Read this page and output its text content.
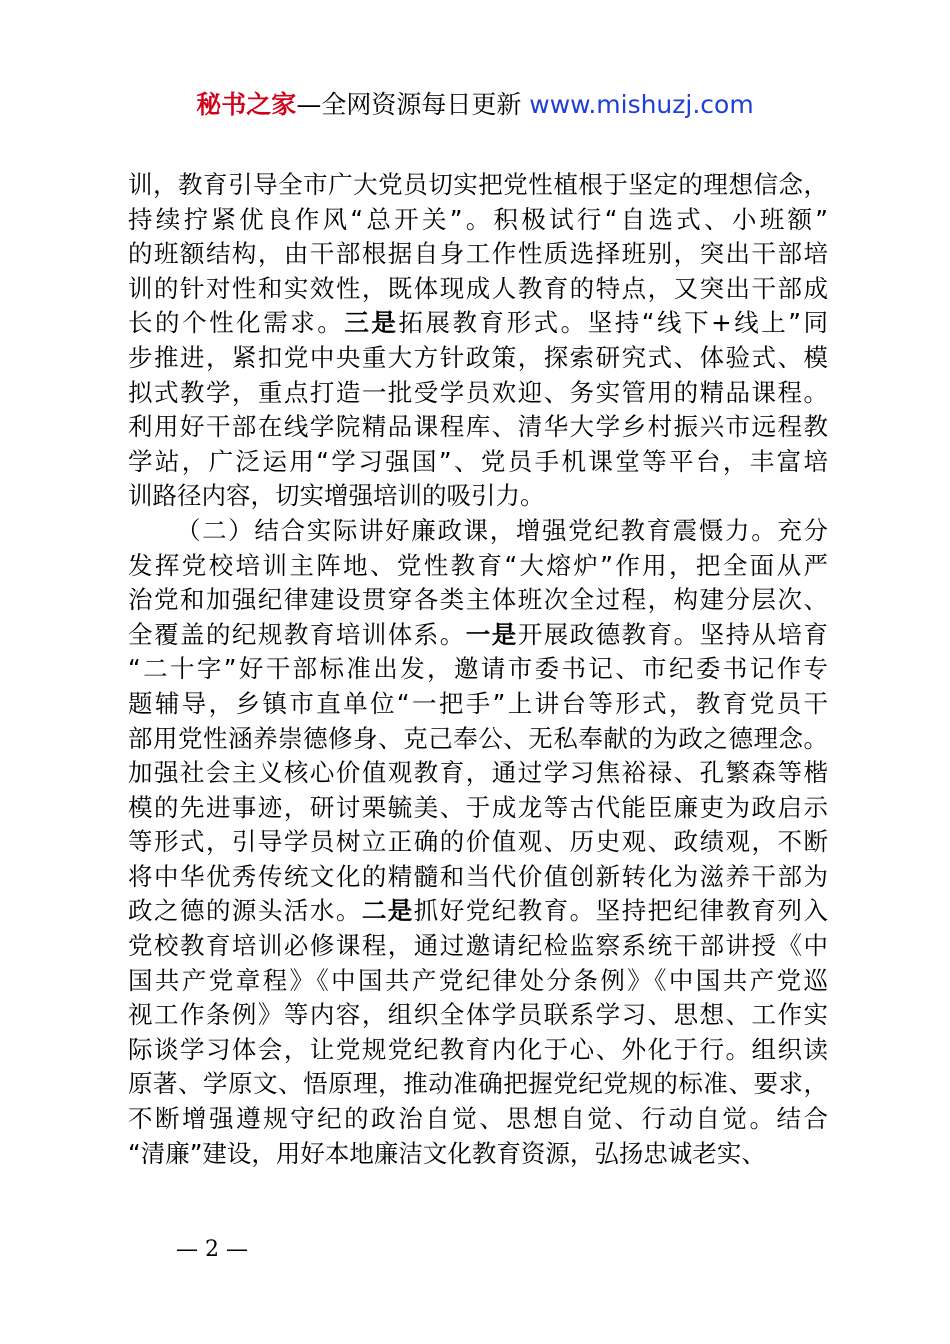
秘书之家—全网资源每日更新 www.mishuzj.com
训，教育引导全市广大党员切实把党性植根于坚定的理想信念，
持续拧紧优良作风“总开关”。积极试行“自选式、小班额”
的班额结构，由干部根据自身工作性质选择班别，突出干部培
训的针对性和实效性，既体现成人教育的特点，又突出干部成
长的个性化需求。三是拓展教育形式。坚持“线下+线上”同
步推进，紧扣党中央重大方针政策，探索研究式、体验式、模
拟式教学，重点打造一批受学员欢迎、务实管用的精品课程。
利用好干部在线学院精品课程库、清华大学乡村振兴市远程教
学站，广泛运用“学习强国”、党员手机课堂等平台，丰富培
训路径内容，切实增强培训的吸引力。
（二）结合实际讲好廉政课，增强党纪教育震慑力。充分
发挥党校培训主阵地、党性教育“大熔炉”作用，把全面从严
治党和加强纪律建设贯穿各类主体班次全过程，构建分层次、
全覆盖的纪规教育培训体系。一是开展政德教育。坚持从培育
“二十字”好干部标准出发，邀请市委书记、市纪委书记作专
题辅导，乡镇市直单位“一把手”上讲台等形式，教育党员干
部用党性涵养崇德修身、克己奉公、无私奉献的为政之德理念。
加强社会主义核心价值观教育，通过学习焦裕禄、孔繁森等楷
模的先进事迹，研讨栗毓美、于成龙等古代能臣廉吏为政启示
等形式，引导学员树立正确的价值观、历史观、政绩观，不断
将中华优秀传统文化的精髓和当代价值创新转化为滋养干部为
政之德的源头活水。二是抓好党纪教育。坚持把纪律教育列入
党校教育培训必修课程，通过邀请纪检监察系统干部讲授《中
国共产党章程》《中国共产党纪律处分条例》《中国共产党巡
视工作条例》等内容，组织全体学员联系学习、思想、工作实
际谈学习体会，让党规党纪教育内化于心、外化于行。组织读
原著、学原文、悟原理，推动准确把握党纪党规的标准、要求，
不断增强遵规守纪的政治自觉、思想自觉、行动自觉。结合
“清廉”建设，用好本地廉洁文化教育资源，弘扬忠诚老实、
— 2 —
